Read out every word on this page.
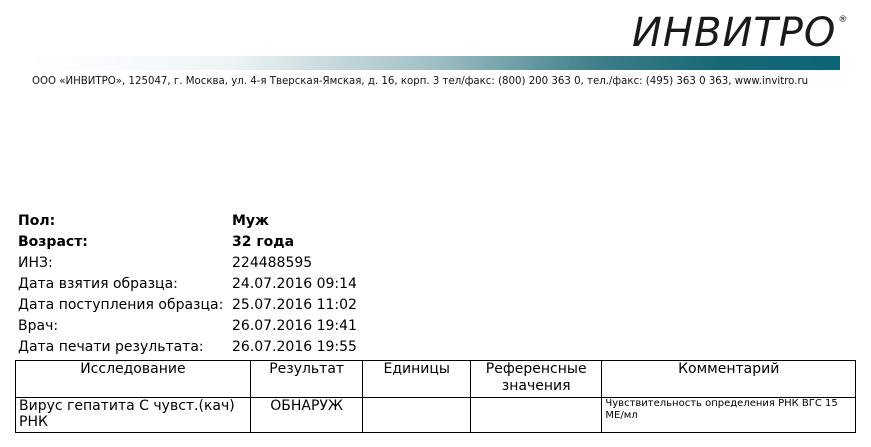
ИНВИТРО ®
ООО «ИНВИТРО», 125047, г. Москва, ул. 4-я Тверская-Ямская, д. 16, корп. 3 тел/факс: (800) 200 363 0, тел./факс: (495) 363 0 363, www.invitro.ru
Пол:	Муж
Возраст:	32 года
ИНЗ:	224488595
Дата взятия образца:	24.07.2016 09:14
Дата поступления образца: 25.07.2016 11:02
Врач:	26.07.2016 19:41
Дата печати результата:	26.07.2016 19:55
Исследование	Результат	Единицы	Референсные значения	Комментарий
Вирус гепатита С чувст.(кач) РНК	ОБНАРУЖ			Чувствительность определения РНК ВГС 15 МЕ/мл
